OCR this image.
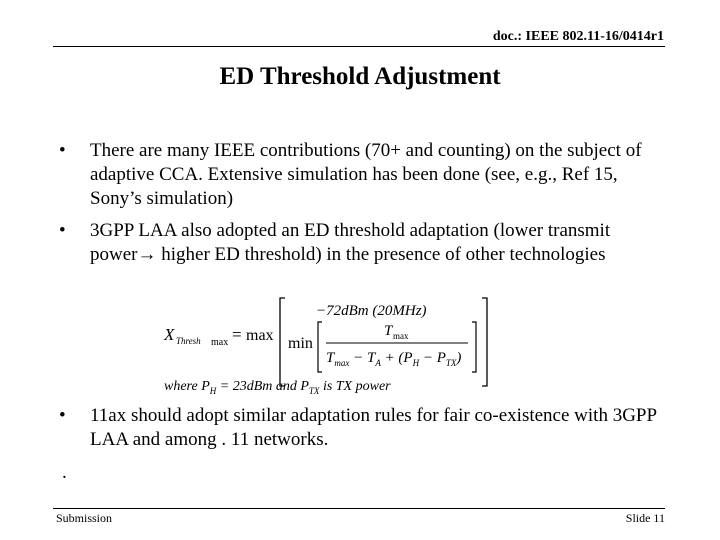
doc.: IEEE 802.11-16/0414r1
ED Threshold Adjustment
• There are many IEEE contributions (70+ and counting) on the subject of adaptive CCA. Extensive simulation has been done (see, e.g., Ref 15, Sony’s simulation)
• 3GPP LAA also adopted an ED threshold adaptation (lower transmit power→ higher ED threshold) in the presence of other technologies
X Thresh max = max
−72dBm (20MHz)
min
T max
$T_{max} - T_A + (P_H - P_{TX})$
where $P_H = 23dBm$ and $P_{TX}$ is TX power
• 11ax should adopt similar adaptation rules for fair co-existence with 3GPP LAA and among . 11 networks.
.
Submission	Slide 11
